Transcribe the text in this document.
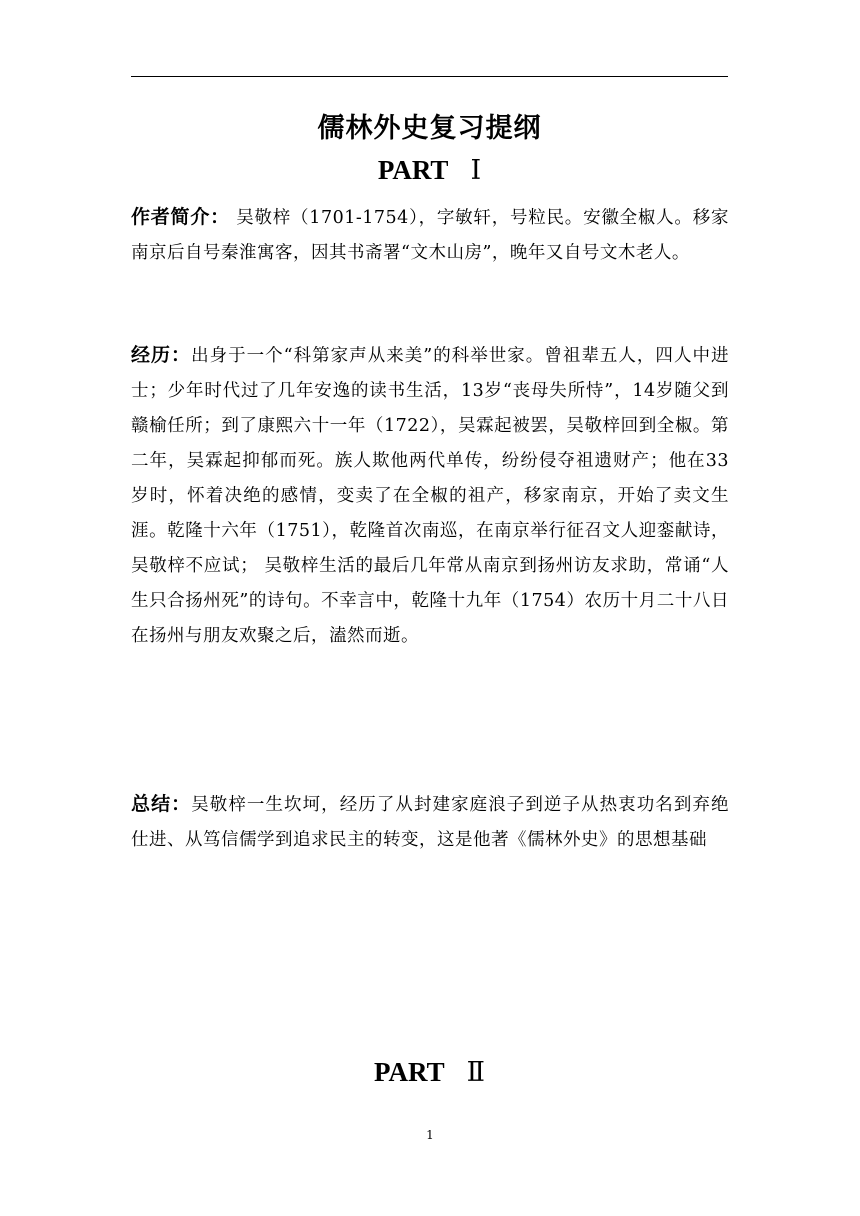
儒林外史复习提纲
PART Ⅰ
作者简介： 吴敬梓（1701-1754），字敏轩，号粒民。安徽全椒人。移家南京后自号秦淮寓客，因其书斋署“文木山房”，晚年又自号文木老人。
经历：出身于一个“科第家声从来美”的科举世家。曾祖辈五人，四人中进士；少年时代过了几年安逸的读书生活，13岁“丧母失所恃”，14岁随父到赣榆任所；到了康熙六十一年（1722），吴霖起被罢，吴敬梓回到全椒。第二年，吴霖起抑郁而死。族人欺他两代单传，纷纷侵夺祖遗财产；他在33岁时，怀着决绝的感情，变卖了在全椒的祖产，移家南京，开始了卖文生涯。乾隆十六年（1751），乾隆首次南巡，在南京举行征召文人迎銮献诗，吴敬梓不应试； 吴敬梓生活的最后几年常从南京到扬州访友求助，常诵“人生只合扬州死”的诗句。不幸言中，乾隆十九年（1754）农历十月二十八日在扬州与朋友欢聚之后，溘然而逝。
总结：吴敬梓一生坎坷，经历了从封建家庭浪子到逆子从热衷功名到弃绝仕进、从笃信儒学到追求民主的转变，这是他著《儒林外史》的思想基础
PART Ⅱ
1
